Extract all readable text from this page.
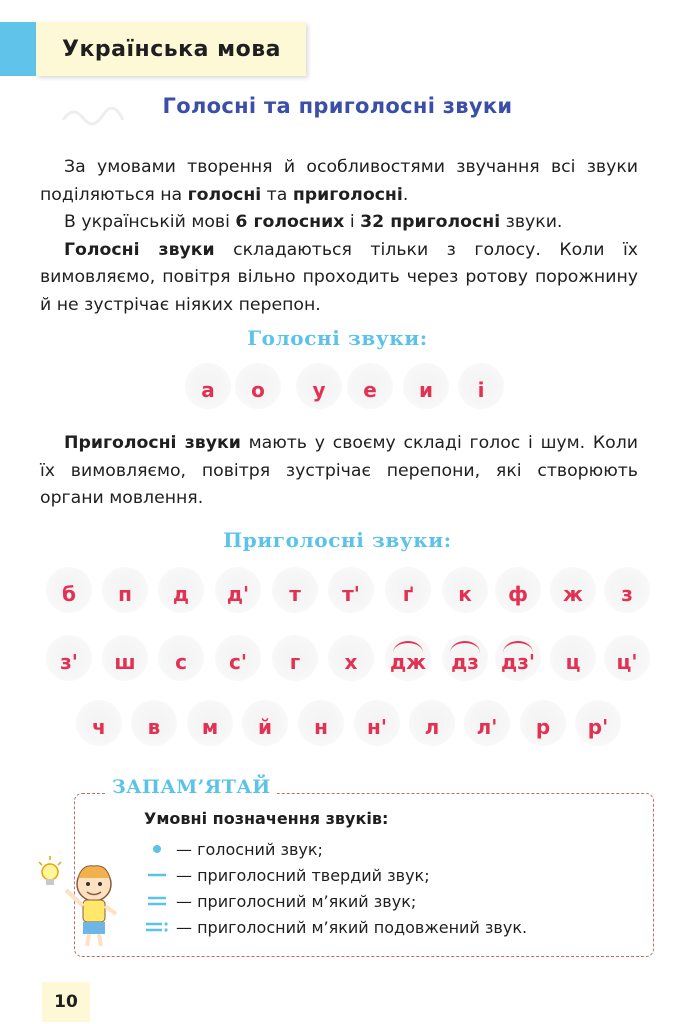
Українська мова
Голосні та приголосні звуки

За умовами творення й особливостями звучання всі звуки поділяються на голосні та приголосні.

В українській мові 6 голосних і 32 приголосні звуки.

Голосні звуки складаються тільки з голосу. Коли їх вимовляємо, повітря вільно проходить через ротову порожнину й не зустрічає ніяких перепон.

Голосні звуки:
а о у е и і

Приголосні звуки мають у своєму складі голос і шум. Коли їх вимовляємо, повітря зустрічає перепони, які створюють органи мовлення.

Приголосні звуки:
б п д д' т т' ґ к ф ж з
з' ш с с' г х дж дз дз' ц ц'
ч в м й н н' л л' р р'
ЗАПАМ’ЯТАЙ
Умовні позначення звуків:
— голосний звук;
— приголосний твердий звук;
— приголосний м’який звук;
— приголосний м’який подовжений звук.
10
